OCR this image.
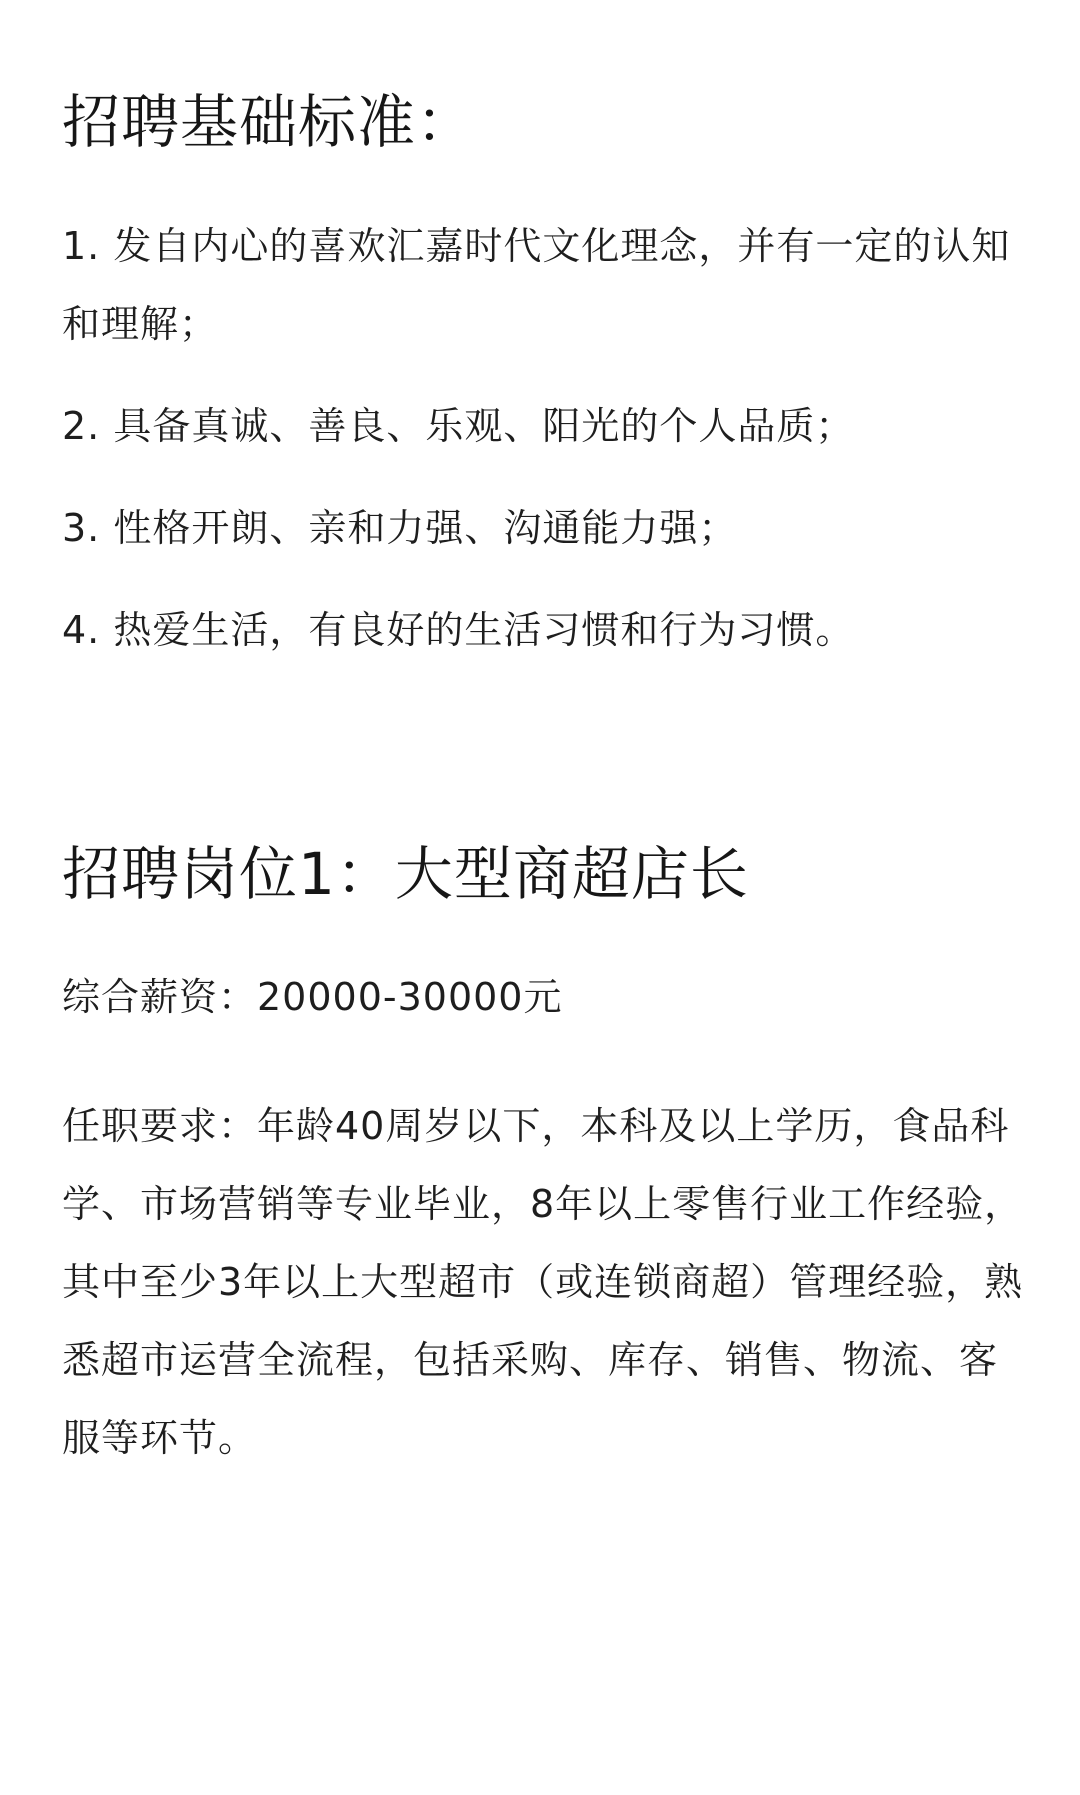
招聘基础标准：

1. 发自内心的喜欢汇嘉时代文化理念，并有一定的认知和理解；

2. 具备真诚、善良、乐观、阳光的个人品质；

3. 性格开朗、亲和力强、沟通能力强；

4. 热爱生活，有良好的生活习惯和行为习惯。

招聘岗位1：大型商超店长

综合薪资：20000-30000元

任职要求：年龄40周岁以下，本科及以上学历，食品科学、市场营销等专业毕业，8年以上零售行业工作经验，其中至少3年以上大型超市（或连锁商超）管理经验，熟悉超市运营全流程，包括采购、库存、销售、物流、客服等环节。
